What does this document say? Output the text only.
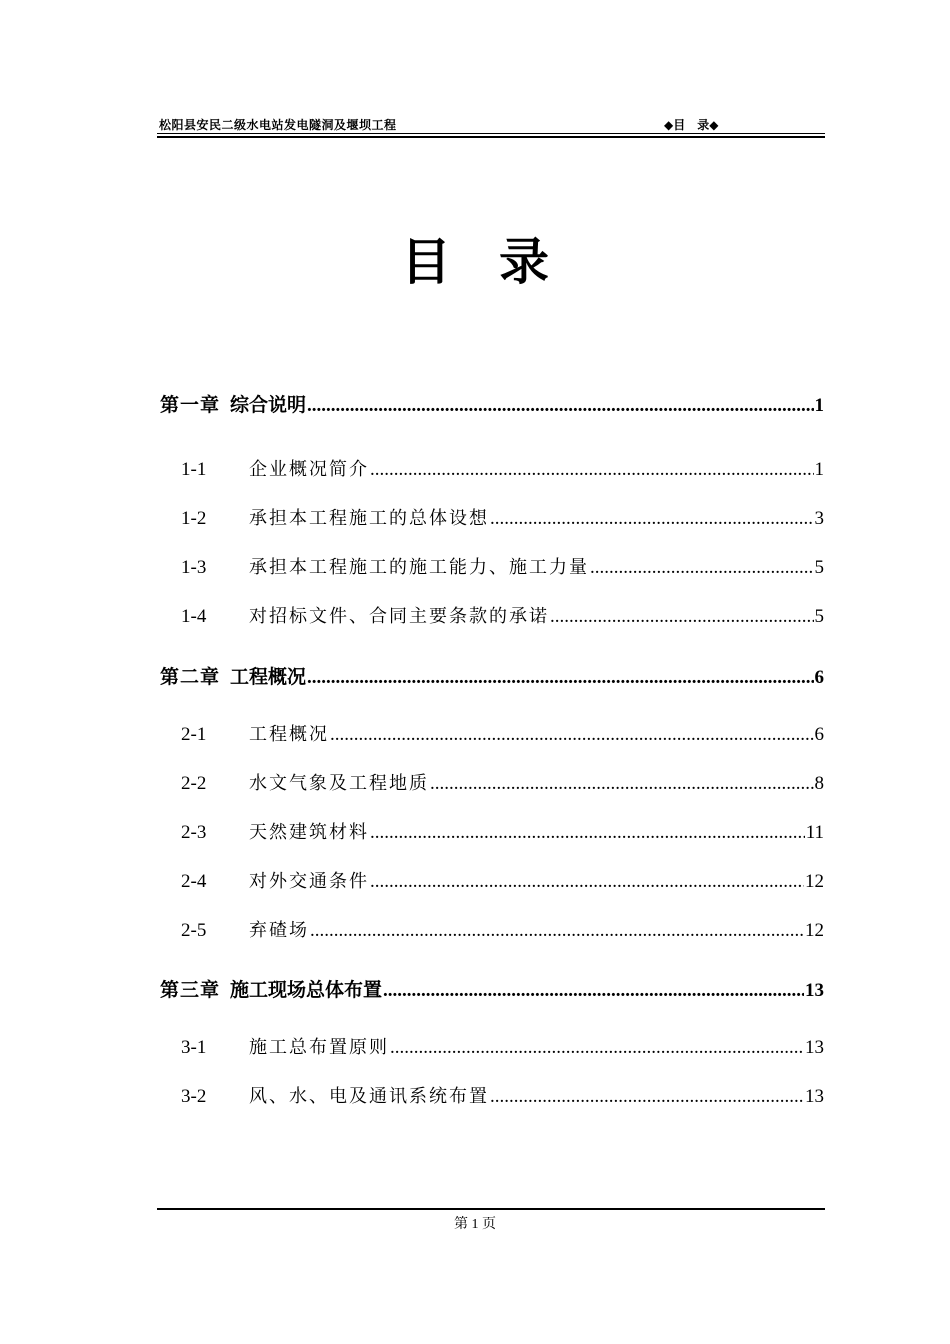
松阳县安民二级水电站发电隧洞及堰坝工程	◆目　录◆
目录
第一章 综合说明 .....	1
1-1	企业概况简介 .....	1
1-2	承担本工程施工的总体设想 .....	3
1-3	承担本工程施工的施工能力、施工力量 .....	5
1-4	对招标文件、合同主要条款的承诺 .....	5
第二章 工程概况 .....	6
2-1	工程概况 .....	6
2-2	水文气象及工程地质 .....	8
2-3	天然建筑材料 .....	11
2-4	对外交通条件 .....	12
2-5	弃碴场 .....	12
第三章 施工现场总体布置 .....	13
3-1	施工总布置原则 .....	13
3-2	风、水、电及通讯系统布置 .....	13
第 1 页
